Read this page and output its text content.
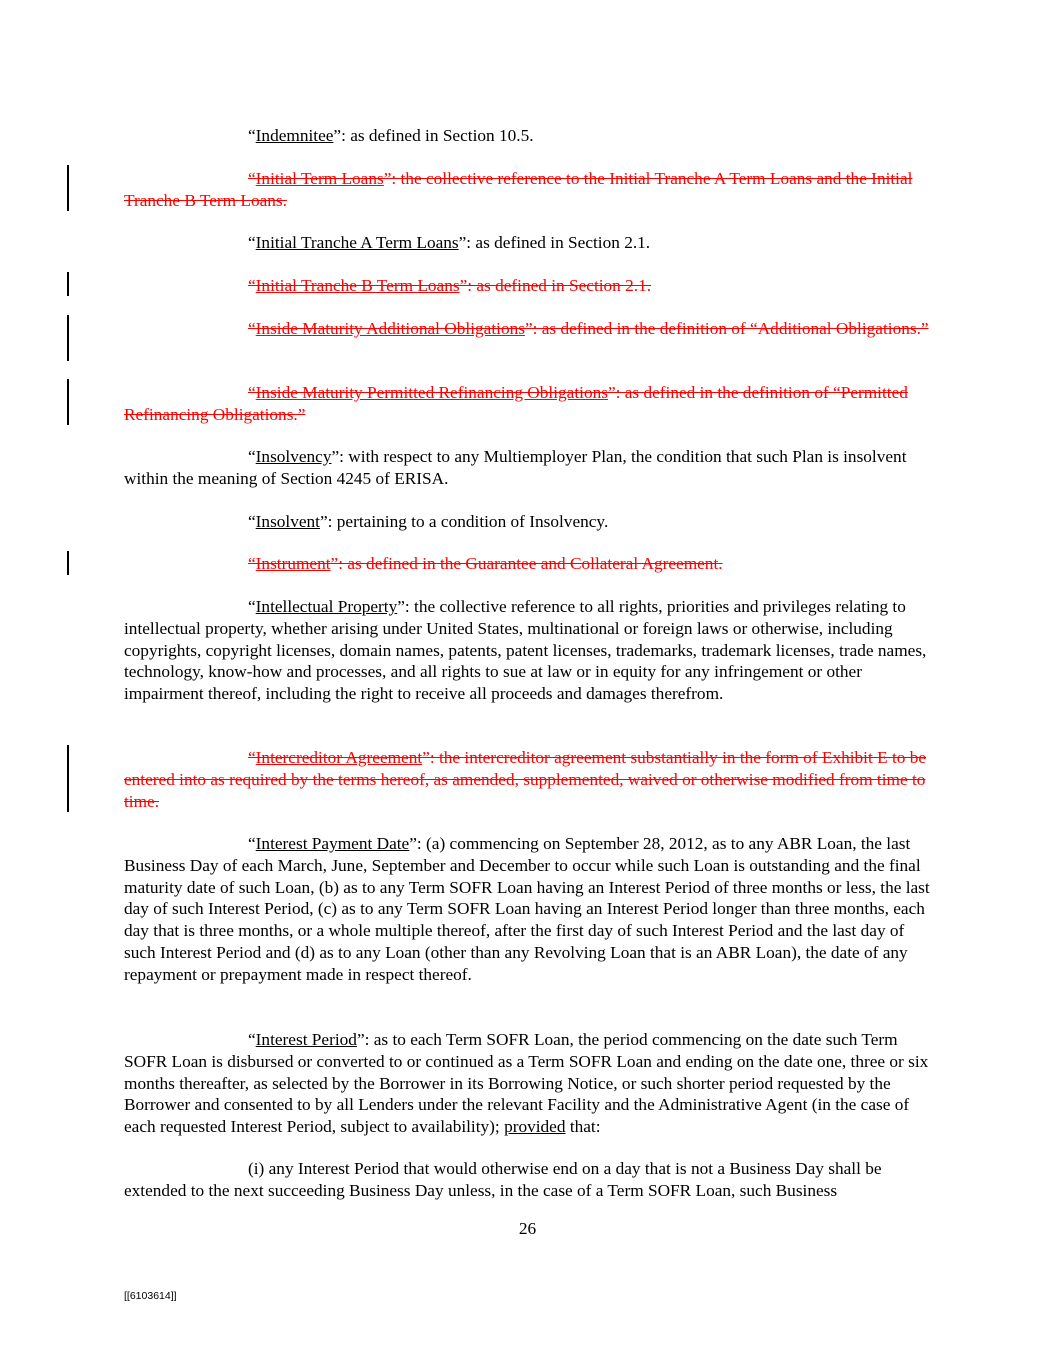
“Indemnitee”: as defined in Section 10.5.

“Initial Term Loans”: the collective reference to the Initial Tranche A Term Loans and the Initial Tranche B Term Loans.

“Initial Tranche A Term Loans”: as defined in Section 2.1.

“Initial Tranche B Term Loans”: as defined in Section 2.1.

“Inside Maturity Additional Obligations”: as defined in the definition of “Additional Obligations.”

“Inside Maturity Permitted Refinancing Obligations”: as defined in the definition of “Permitted Refinancing Obligations.”

“Insolvency”: with respect to any Multiemployer Plan, the condition that such Plan is insolvent within the meaning of Section 4245 of ERISA.

“Insolvent”: pertaining to a condition of Insolvency.

“Instrument”: as defined in the Guarantee and Collateral Agreement.

“Intellectual Property”: the collective reference to all rights, priorities and privileges relating to intellectual property, whether arising under United States, multinational or foreign laws or otherwise, including copyrights, copyright licenses, domain names, patents, patent licenses, trademarks, trademark licenses, trade names, technology, know-how and processes, and all rights to sue at law or in equity for any infringement or other impairment thereof, including the right to receive all proceeds and damages therefrom.

“Intercreditor Agreement”: the intercreditor agreement substantially in the form of Exhibit E to be entered into as required by the terms hereof, as amended, supplemented, waived or otherwise modified from time to time.

“Interest Payment Date”: (a) commencing on September 28, 2012, as to any ABR Loan, the last Business Day of each March, June, September and December to occur while such Loan is outstanding and the final maturity date of such Loan, (b) as to any Term SOFR Loan having an Interest Period of three months or less, the last day of such Interest Period, (c) as to any Term SOFR Loan having an Interest Period longer than three months, each day that is three months, or a whole multiple thereof, after the first day of such Interest Period and the last day of such Interest Period and (d) as to any Loan (other than any Revolving Loan that is an ABR Loan), the date of any repayment or prepayment made in respect thereof.

“Interest Period”: as to each Term SOFR Loan, the period commencing on the date such Term SOFR Loan is disbursed or converted to or continued as a Term SOFR Loan and ending on the date one, three or six months thereafter, as selected by the Borrower in its Borrowing Notice, or such shorter period requested by the Borrower and consented to by all Lenders under the relevant Facility and the Administrative Agent (in the case of each requested Interest Period, subject to availability); provided that:

(i) any Interest Period that would otherwise end on a day that is not a Business Day shall be extended to the next succeeding Business Day unless, in the case of a Term SOFR Loan, such Business

26
[[6103614]]
